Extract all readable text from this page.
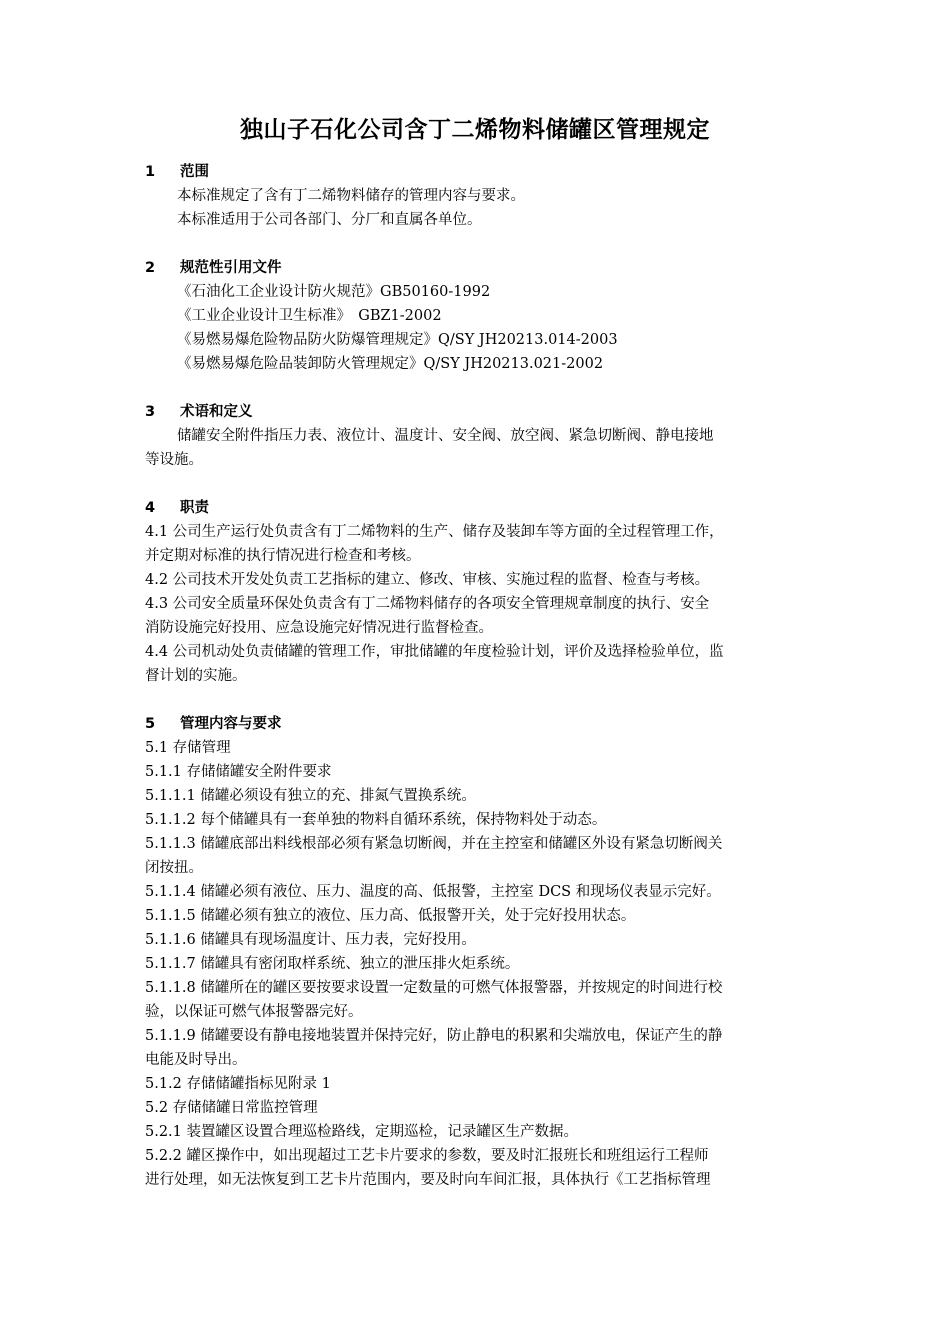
独山子石化公司含丁二烯物料储罐区管理规定
1 范围
本标准规定了含有丁二烯物料储存的管理内容与要求。
本标准适用于公司各部门、分厂和直属各单位。
2 规范性引用文件
《石油化工企业设计防火规范》GB50160-1992
《工业企业设计卫生标准》　GBZ1-2002
《易燃易爆危险物品防火防爆管理规定》Q/SY JH20213.014-2003
《易燃易爆危险品装卸防火管理规定》Q/SY JH20213.021-2002
3 术语和定义
储罐安全附件指压力表、液位计、温度计、安全阀、放空阀、紧急切断阀、静电接地
等设施。
4 职责
4.1 公司生产运行处负责含有丁二烯物料的生产、储存及装卸车等方面的全过程管理工作，
并定期对标准的执行情况进行检查和考核。
4.2 公司技术开发处负责工艺指标的建立、修改、审核、实施过程的监督、检查与考核。
4.3 公司安全质量环保处负责含有丁二烯物料储存的各项安全管理规章制度的执行、安全
消防设施完好投用、应急设施完好情况进行监督检查。
4.4 公司机动处负责储罐的管理工作，审批储罐的年度检验计划，评价及选择检验单位，监
督计划的实施。
5 管理内容与要求
5.1 存储管理
5.1.1 存储储罐安全附件要求
5.1.1.1 储罐必须设有独立的充、排氮气置换系统。
5.1.1.2 每个储罐具有一套单独的物料自循环系统，保持物料处于动态。
5.1.1.3 储罐底部出料线根部必须有紧急切断阀，并在主控室和储罐区外设有紧急切断阀关
闭按扭。
5.1.1.4 储罐必须有液位、压力、温度的高、低报警，主控室 DCS 和现场仪表显示完好。
5.1.1.5 储罐必须有独立的液位、压力高、低报警开关，处于完好投用状态。
5.1.1.6 储罐具有现场温度计、压力表，完好投用。
5.1.1.7 储罐具有密闭取样系统、独立的泄压排火炬系统。
5.1.1.8 储罐所在的罐区要按要求设置一定数量的可燃气体报警器，并按规定的时间进行校
验，以保证可燃气体报警器完好。
5.1.1.9 储罐要设有静电接地装置并保持完好，防止静电的积累和尖端放电，保证产生的静
电能及时导出。
5.1.2 存储储罐指标见附录 1
5.2 存储储罐日常监控管理
5.2.1 装置罐区设置合理巡检路线，定期巡检，记录罐区生产数据。
5.2.2 罐区操作中，如出现超过工艺卡片要求的参数，要及时汇报班长和班组运行工程师
进行处理，如无法恢复到工艺卡片范围内，要及时向车间汇报，具体执行《工艺指标管理
